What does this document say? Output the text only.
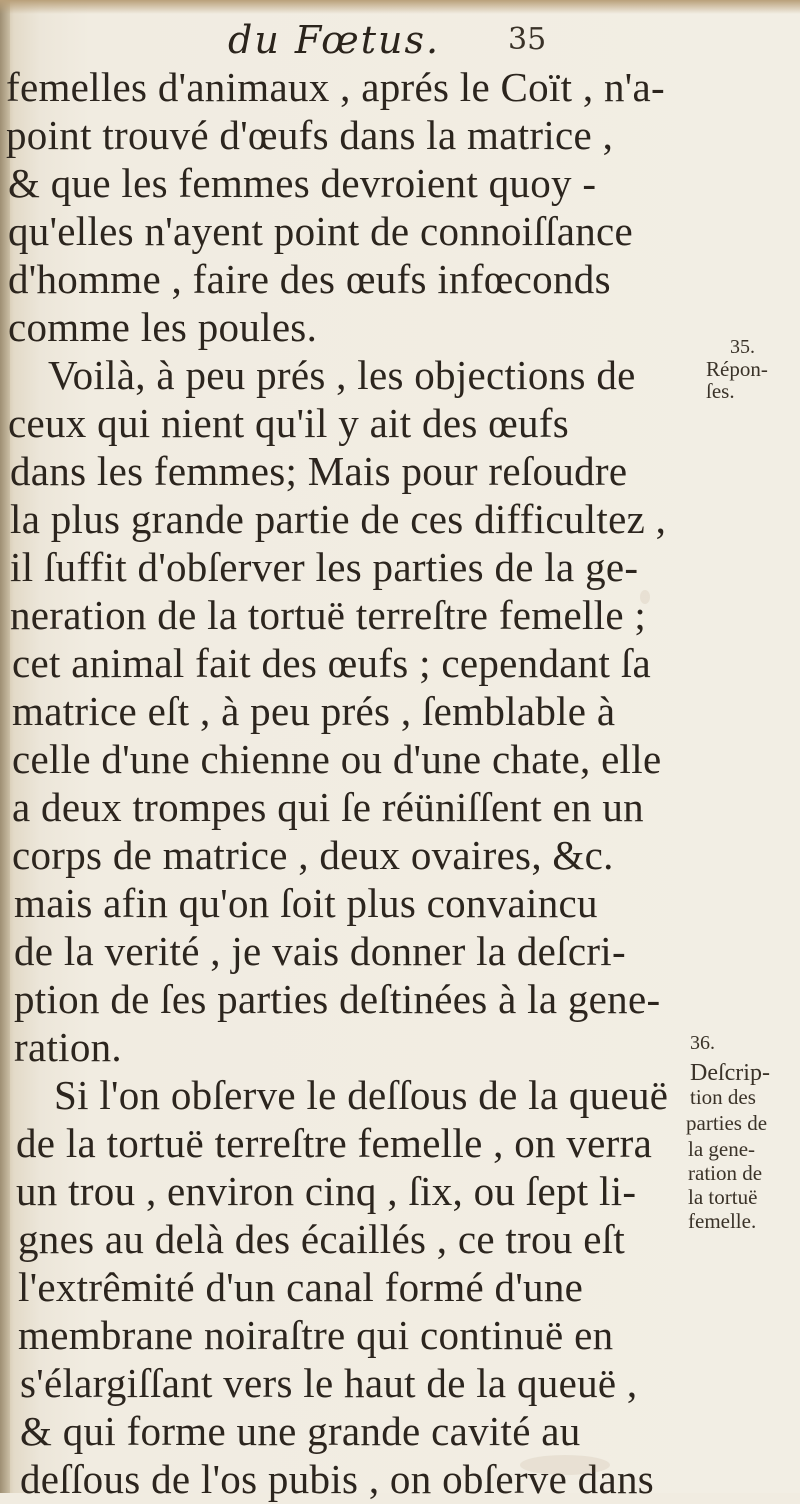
du Fœtus. 35
femelles d'animaux , aprés le Coït , n'a-
point trouvé d'œufs dans la matrice ,
& que les femmes devroient quoy -
qu'elles n'ayent point de connoiſſance
d'homme , faire des œufs infœconds
comme les poules.
Voilà, à peu prés , les objections de
ceux qui nient qu'il y ait des œufs
dans les femmes; Mais pour reſoudre
la plus grande partie de ces difficultez ,
il ſuffit d'obſerver les parties de la ge-
neration de la tortuë terreſtre femelle ;
cet animal fait des œufs ; cependant ſa
matrice eſt , à peu prés , ſemblable à
celle d'une chienne ou d'une chate, elle
a deux trompes qui ſe réüniſſent en un
corps de matrice , deux ovaires, &c.
mais afin qu'on ſoit plus convaincu
de la verité , je vais donner la deſcri-
ption de ſes parties deſtinées à la gene-
ration.
Si l'on obſerve le deſſous de la queuë
de la tortuë terreſtre femelle , on verra
un trou , environ cinq , ſix, ou ſept li-
gnes au delà des écaillés , ce trou eſt
l'extrêmité d'un canal formé d'une
membrane noiraſtre qui continuë en
s'élargiſſant vers le haut de la queuë ,
& qui forme une grande cavité au
deſſous de l'os pubis , on obſerve dans
35.
Répon-
ſes.
36.
Deſcrip-
tion des
parties de
la gene-
ration de
la tortuë
femelle.
